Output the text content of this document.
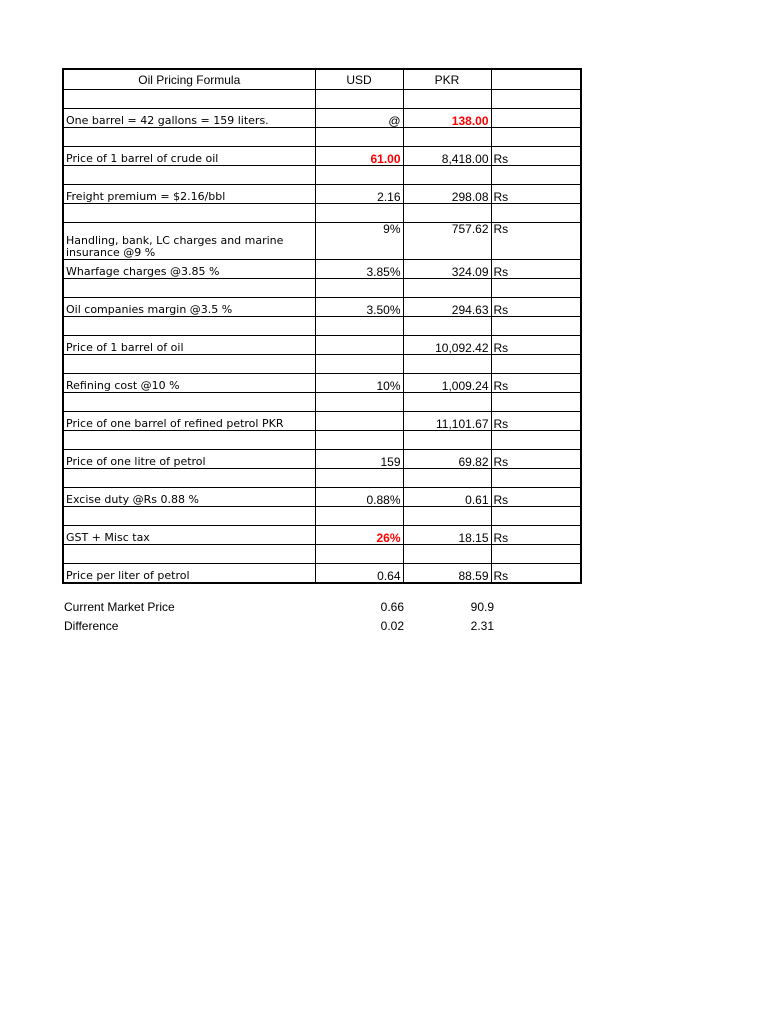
Oil Pricing Formula	USD	PKR	

One barrel = 42 gallons = 159 liters.	@	138.00	

Price of 1 barrel of crude oil	61.00	8,418.00	Rs

Freight premium = $2.16/bbl	2.16	298.08	Rs

Handling, bank, LC charges and marine insurance @9 %	9%	757.62	Rs
Wharfage charges @3.85 %	3.85%	324.09	Rs

Oil companies margin @3.5 %	3.50%	294.63	Rs

Price of 1 barrel of oil		10,092.42	Rs

Refining cost @10 %	10%	1,009.24	Rs

Price of one barrel of refined petrol PKR		11,101.67	Rs

Price of one litre of petrol	159	69.82	Rs

Excise duty @Rs 0.88 %	0.88%	0.61	Rs

GST + Misc tax	26%	18.15	Rs

Price per liter of petrol	0.64	88.59	Rs
Current Market Price	0.66	90.9
Difference	0.02	2.31
